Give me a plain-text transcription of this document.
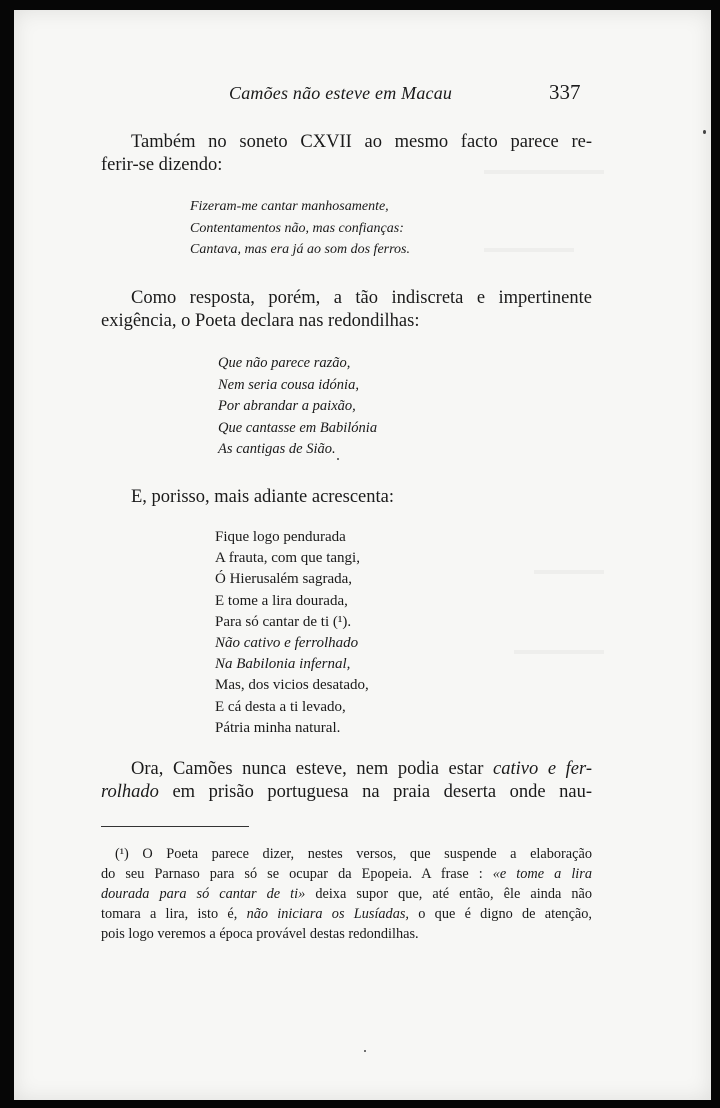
Camões não esteve em Macau	337
Também no soneto CXVII ao mesmo facto parece re-
ferir-se dizendo:
Fizeram-me cantar manhosamente,
Contentamentos não, mas confianças:
Cantava, mas era já ao som dos ferros.
Como resposta, porém, a tão indiscreta e impertinente
exigência, o Poeta declara nas redondilhas:
Que não parece razão,
Nem seria cousa idónia,
Por abrandar a paixão,
Que cantasse em Babilónia
As cantigas de Sião.
E, porisso, mais adiante acrescenta:
Fique logo pendurada
A frauta, com que tangi,
Ó Hierusalém sagrada,
E tome a lira dourada,
Para só cantar de ti (¹).
Não cativo e ferrolhado
Na Babilonia infernal,
Mas, dos vicios desatado,
E cá desta a ti levado,
Pátria minha natural.
Ora, Camões nunca esteve, nem podia estar cativo e fer-
rolhado em prisão portuguesa na praia deserta onde nau-
(¹) O Poeta parece dizer, nestes versos, que suspende a elaboração
do seu Parnaso para só se ocupar da Epopeia. A frase : «e tome a lira
dourada para só cantar de ti» deixa supor que, até então, êle ainda não
tomara a lira, isto é, não iniciara os Lusíadas, o que é digno de atenção,
pois logo veremos a época provável destas redondilhas.
